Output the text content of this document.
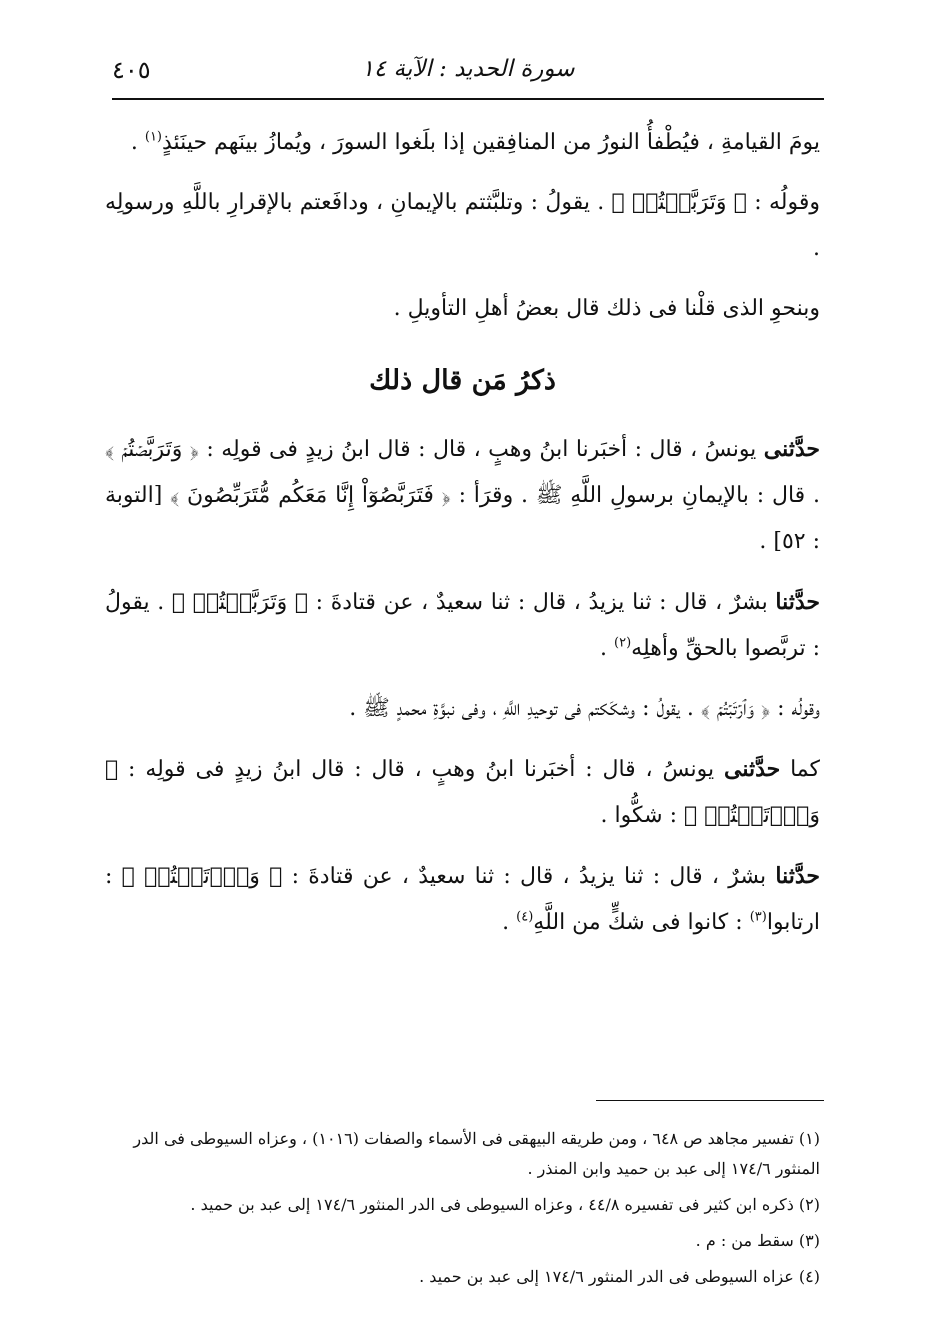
٤٠٥	سورة الحديد : الآية ١٤

يومَ القيامةِ ، فيُطْفأُ النورُ من المنافِقين إذا بلَغوا السورَ ، ويُمازُ بينَهم حينَئذٍ$^{(١)}$ .

وقولُه : ﴿ وَتَرَبَّصۡتُمۡ ﴾ . يقولُ : وتلبَّثتم بالإيمانِ ، ودافَعتم بالإقرارِ باللَّهِ ورسولِه .

وبنحوِ الذى قلْنا فى ذلك قال بعضُ أهلِ التأويلِ .

ذكرُ مَن قال ذلك

حدَّثنى يونسُ ، قال : أخبَرنا ابنُ وهبٍ ، قال : قال ابنُ زيدٍ فى قولِه : ﴿ وَتَرَبَّصۡتُمۡ ﴾ . قال : بالإيمانِ برسولِ اللَّهِ ﷺ . وقرَأ : ﴿ فَتَرَبَّصُوٓاْ إِنَّا مَعَكُم مُّتَرَبِّصُونَ ﴾ [التوبة : ٥٢] .

حدَّثنا بشرٌ ، قال : ثنا يزيدُ ، قال : ثنا سعيدٌ ، عن قتادةَ : ﴿ وَتَرَبَّصۡتُمۡ ﴾ . يقولُ : تربَّصوا بالحقِّ وأهلِه$^{(٢)}$ .

وقولُه : ﴿ وَٱرۡتَبۡتُمۡ ﴾ . يقولُ : وشكَكتم فى توحيدِ اللَّهِ ، وفى نبوَّةِ محمدٍ ﷺ .

كما حدَّثنى يونسُ ، قال : أخبَرنا ابنُ وهبٍ ، قال : قال ابنُ زيدٍ فى قولِه : ﴿ وَٱرۡتَبۡتُمۡ ﴾ : شكُّوا .

حدَّثنا بشرٌ ، قال : ثنا يزيدُ ، قال : ثنا سعيدٌ ، عن قتادةَ : ﴿ وَٱرۡتَبۡتُمۡ ﴾ : ارتابوا$^{(٣)}$ : كانوا فى شكٍّ من اللَّهِ$^{(٤)}$ .

(١) تفسير مجاهد ص ٦٤٨ ، ومن طريقه البيهقى فى الأسماء والصفات (١٠١٦) ، وعزاه السيوطى فى الدر المنثور ١٧٤/٦ إلى عبد بن حميد وابن المنذر .
(٢) ذكره ابن كثير فى تفسيره ٤٤/٨ ، وعزاه السيوطى فى الدر المنثور ١٧٤/٦ إلى عبد بن حميد .
(٣) سقط من : م .
(٤) عزاه السيوطى فى الدر المنثور ١٧٤/٦ إلى عبد بن حميد .
